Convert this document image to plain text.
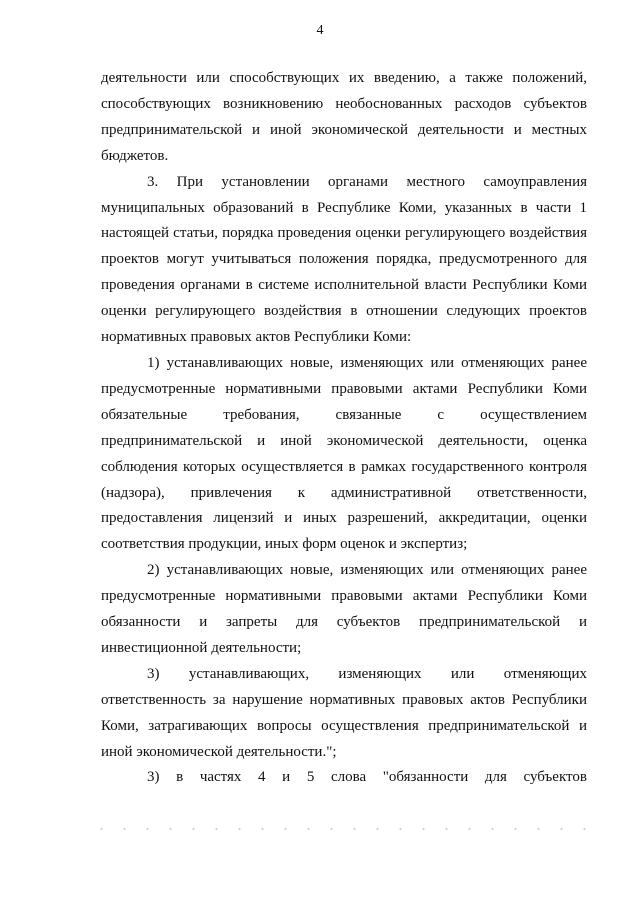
4

деятельности или способствующих их введению, а также положений, способствующих возникновению необоснованных расходов субъектов предпринимательской и иной экономической деятельности и местных бюджетов.

3. При установлении органами местного самоуправления муниципальных образований в Республике Коми, указанных в части 1 настоящей статьи, порядка проведения оценки регулирующего воздействия проектов могут учитываться положения порядка, предусмотренного для проведения органами в системе исполнительной власти Республики Коми оценки регулирующего воздействия в отношении следующих проектов нормативных правовых актов Республики Коми:

1) устанавливающих новые, изменяющих или отменяющих ранее предусмотренные нормативными правовыми актами Республики Коми обязательные требования, связанные с осуществлением предпринимательской и иной экономической деятельности, оценка соблюдения которых осуществляется в рамках государственного контроля (надзора), привлечения к административной ответственности, предоставления лицензий и иных разрешений, аккредитации, оценки соответствия продукции, иных форм оценок и экспертиз;

2) устанавливающих новые, изменяющих или отменяющих ранее предусмотренные нормативными правовыми актами Республики Коми обязанности и запреты для субъектов предпринимательской и инвестиционной деятельности;

3) устанавливающих, изменяющих или отменяющих ответственность за нарушение нормативных правовых актов Республики Коми, затрагивающих вопросы осуществления предпринимательской и иной экономической деятельности.";

3) в частях 4 и 5 слова "обязанности для субъектов
